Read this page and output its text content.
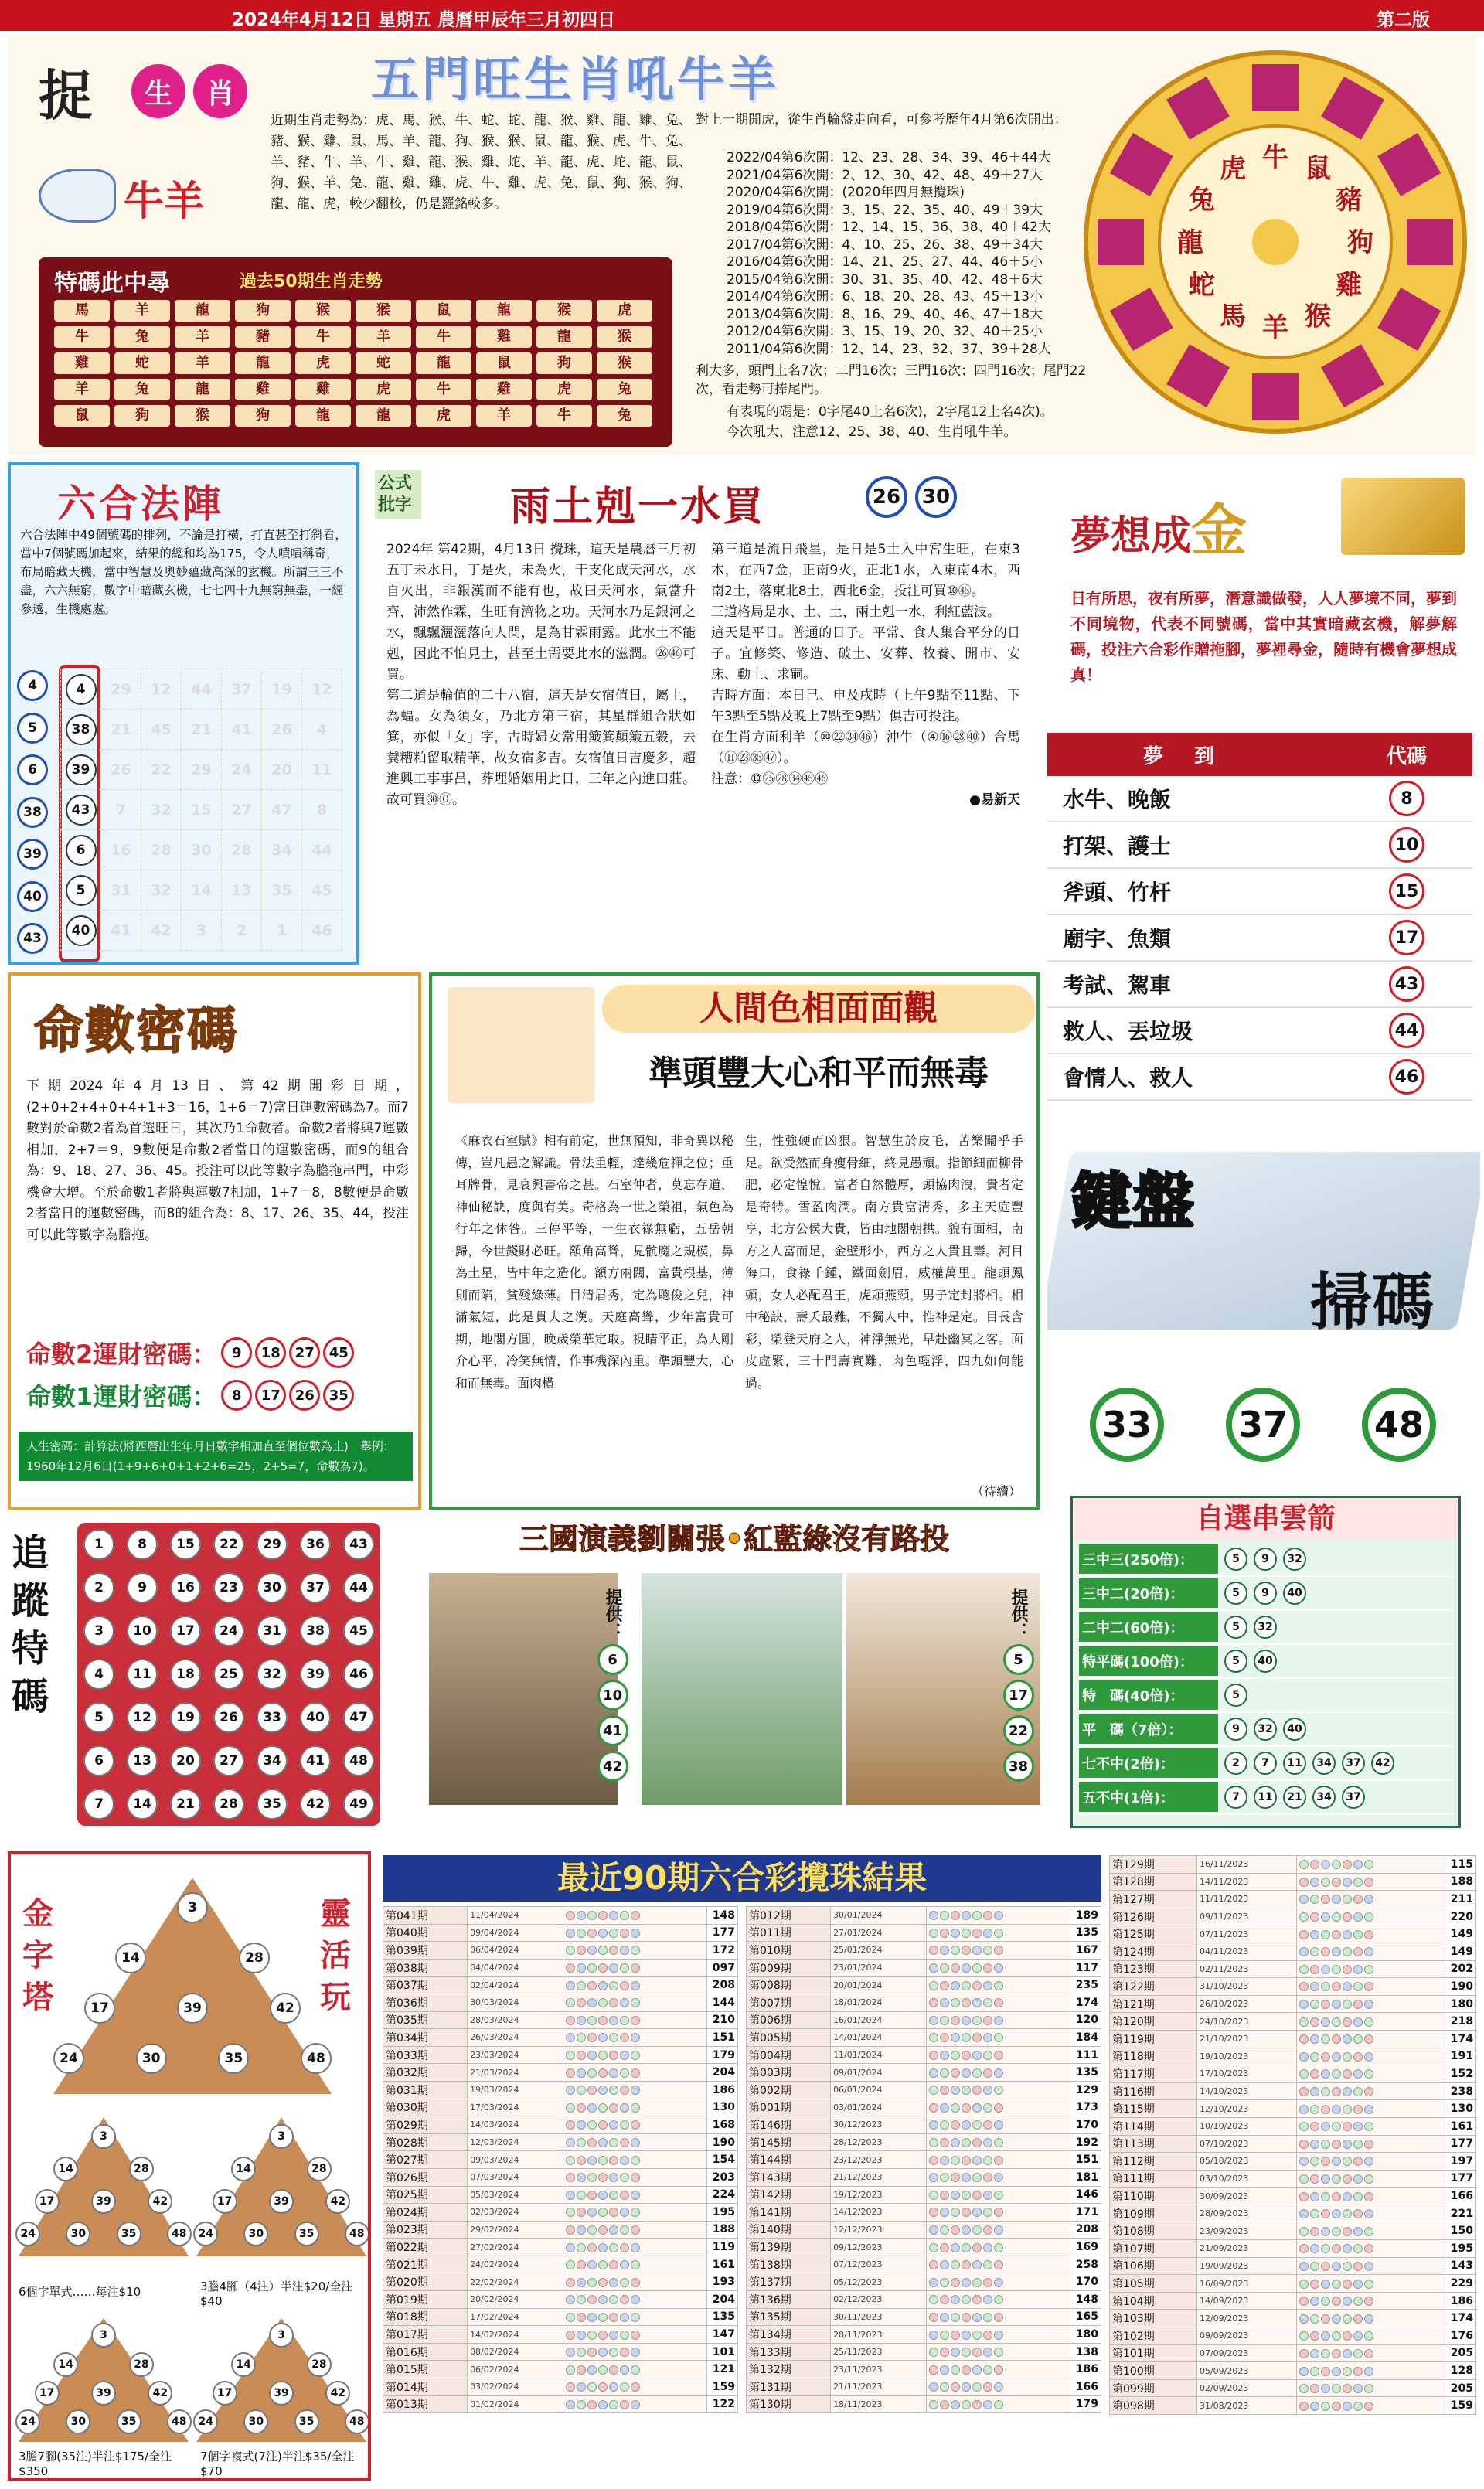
2024年4月12日 星期五 農曆甲辰年三月初四日	第二版
捉	生	肖
牛羊
五門旺生肖吼牛羊
近期生肖走勢為：虎、馬、猴、牛、蛇、蛇、龍、猴、雞、龍、雞、兔、豬、猴、雞、鼠、馬、羊、龍、狗、猴、猴、鼠、龍、猴、虎、牛、兔、羊、豬、牛、羊、牛、雞、龍、猴、雞、蛇、羊、龍、虎、蛇、龍、鼠、狗、猴、羊、兔、龍、雞、雞、虎、牛、雞、虎、兔、鼠、狗、猴、狗、龍、龍、虎，較少翻校，仍是羅銘較多。
特碼此中尋	過去50期生肖走勢
馬	羊	龍	狗	猴	猴	鼠	龍	猴	虎
牛	兔	羊	豬	牛	羊	牛	雞	龍	猴
雞	蛇	羊	龍	虎	蛇	龍	鼠	狗	猴
羊	兔	龍	雞	雞	虎	牛	雞	虎	兔
鼠	狗	猴	狗	龍	龍	虎	羊	牛	兔
對上一期開虎，從生肖輪盤走向看，可參考歷年4月第6次開出：
2022/04第6次開：12、23、28、34、39、46＋44大
2021/04第6次開：2、12、30、42、48、49＋27大
2020/04第6次開：(2020年四月無攪珠)
2019/04第6次開：3、15、22、35、40、49＋39大
2018/04第6次開：12、14、15、36、38、40＋42大
2017/04第6次開：4、10、25、26、38、49＋34大
2016/04第6次開：14、21、25、27、44、46＋5小
2015/04第6次開：30、31、35、40、42、48＋6大
2014/04第6次開：6、18、20、28、43、45＋13小
2013/04第6次開：8、16、29、40、46、47＋18大
2012/04第6次開：3、15、19、20、32、40＋25小
2011/04第6次開：12、14、23、32、37、39＋28大
利大多，頭門上名7次；二門16次；三門16次；四門16次；尾門22次，看走勢可捧尾門。
有表現的碼是：0字尾40上名6次)，2字尾12上名4次)。
今次吼大，注意12、25、38、40、生肖吼牛羊。
牛 鼠
豬
狗
雞
猴
羊
馬
蛇
龍
兔
虎
六合法陣
六合法陣中49個號碼的排列，不論是打橫，打直甚至打斜看，當中7個號碼加起來，結果的總和均為175，令人嘖嘖稱奇，布局暗藏天機，當中智慧及奧妙蘊藏高深的玄機。所謂三三不盡，六六無窮，數字中暗藏玄機，七七四十九無窮無盡，一經參透，生機處處。
4
5
6
38
39
40
43
4	29	12	44	37	19	12
38	21	45	21	41	26	4
39	26	22	29	24	20	11
43	7	32	15	27	47	8
6	16	28	30	28	34	44
5	31	32	14	13	35	45
40	41	42	3	2	1	46
公式批字 雨土剋一水買	26	30

2024年 第42期，4月13日 攪珠，這天是農曆三月初五丁未水日，丁是火，未為火，干支化成天河水，水自火出，非銀漢而不能有也，故曰天河水，氣當升齊，沛然作霖，生旺有濟物之功。天河水乃是銀河之水，飄飄灑灑落向人間，是為甘霖雨露。此水土不能剋，因此不怕見土，甚至土需要此水的滋潤。㉖㊻可買。

第二道是輪值的二十八宿，這天是女宿值日，屬土，為蝠。女為須女，乃北方第三宿，其星群組合狀如箕，亦似「女」字，古時婦女常用簸箕顛簸五穀，去糞糟粕留取精華，故女宿多吉。女宿值日吉慶多，超進興工事事昌，葬埋婚姻用此日，三年之內進田莊。故可買㉚⓪。

第三道是流日飛星，是日是5土入中宮生旺，在東3木，在西7金，正南9火，正北1水，入東南4木，西南2土，落東北8土，西北6金，投注可買⑩㊺。

三道格局是水、土、土，兩土剋一水，利紅藍波。

這天是平日。普通的日子。平常、食人集合平分的日子。宜修築、修造、破土、安葬、牧養、開市、安床、動土、求嗣。

吉時方面：本日巳、申及戌時（上午9點至11點、下午3點至5點及晚上7點至9點）俱吉可投注。

在生肖方面利羊（⑩㉒㉞㊻）沖牛（④⑯㉘㊵）合馬（⑪㉓㉟㊼）。

注意：⑩㉕㉘㉞㊺㊻

●易新天

夢想成金
日有所思，夜有所夢，潛意識做發，人人夢境不同，夢到不同境物，代表不同號碼，當中其實暗藏玄機，解夢解碼，投注六合彩作贈拖腳，夢裡尋金，隨時有機會夢想成真！
夢到	代碼
水牛、晚飯	8
打架、護士	10
斧頭、竹杆	15
廟宇、魚類	17
考試、駕車	43
救人、丟垃圾	44
會情人、救人	46
命數密碼
下期2024年4月13日、第42期開彩日期，(2+0+2+4+0+4+1+3＝16，1+6＝7)當日運數密碼為7。而7數對於命數2者為首選旺日，其次乃1命數者。命數2者將與7運數相加，2+7＝9，9數便是命數2者當日的運數密碼，而9的組合為：9、18、27、36、45。投注可以此等數字為膽拖串門，中彩機會大增。至於命數1者將與運數7相加，1+7＝8，8數便是命數2者當日的運數密碼，而8的組合為：8、17、26、35、44，投注可以此等數字為膽拖。
命數2運財密碼：	9	18	27	45
命數1運財密碼：	8	17	26	35
人生密碼：計算法(將西曆出生年月日數字相加直至個位數為止)　舉例：1960年12月6日(1+9+6+0+1+2+6=25，2+5=7，命數為7)。
人間色相面面觀
準頭豐大心和平而無毒
《麻衣石室賦》相有前定，世無預知，非奇異以秘傳，豈凡愚之解識。骨法重輕，達幾危禪之位；重耳牌骨，見衰興書帝之甚。石室仲者，莫忘存道，神仙秘訣，度與有美。奇格為一世之榮祖，氣色為行年之休咎。三停平等，一生衣祿無虧，五岳朝歸，今世錢財必旺。額角高聳，見骯魔之規模，鼻為土星，皆中年之造化。額方兩闊，富貴根基，薄則而陷，貧殘綠薄。目清眉秀，定為聰俊之兒，神滿氣短，此是貫夫之漢。天庭高聳，少年富貴可期，地閣方圓，晚歲榮華定取。視睛平正，為人剛介心平，冷笑無情，作事機深內重。準頭豐大，心和而無毒。面肉橫
生，性強硬而凶狠。智慧生於皮毛，苦樂關乎手足。欲受然而身瘦骨細，終見愚頑。指節細而柳骨肥，必定惶悅。富者自然體厚，頭協肉洩，貴者定是奇特。雪盈肉潤。南方貴富清秀，多主天庭豐享，北方公侯大貴，皆由地閣朝拱。貌有面相，南方之人富而足，金壁形小，西方之人貴且壽。河目海口，食祿千鍾，鐵面劍眉，威權萬里。龍頭鳳頭，女人必配君王，虎頭燕頸，男子定封將相。相中秘訣，壽夭最難，不獨人中，惟神是定。目長含彩，榮登天府之人，神淨無光，早赴幽冥之客。面皮虛緊，三十門壽實難，肉色輕浮，四九如何能過。
（待續）
鍵盤
掃碼
33	37	48
自選串雲箭
三中三(250倍)：	5	9	32
三中二(20倍)：	5	9	40
二中二(60倍)：	5	32
特平碼(100倍)：	5	40
特　碼(40倍)：	5
平　碼（7倍）：	9	32	40
七不中(2倍)：	2	7	11	34	37	42
五不中(1倍)：	7	11	21	34	37
追蹤特碼
1	8	15	22	29	36	43
2	9	16	23	30	37	44
3	10	17	24	31	38	45
4	11	18	25	32	39	46
5	12	19	26	33	40	47
6	13	20	27	34	41	48
7	14	21	28	35	42	49
三國演義劉關張•紅藍綠沒有路投
提供：
6
10
41
42
提供：
5
17
22
38
金字塔
靈活玩
3
14	28
17	39	42
24	30	35	48
3
14	28
17	39	42
24	30	35	48
3
14	28
17	39	42
24	30	35	48
6個字單式……每注$10	3膽4腳（4注）半注$20/全注$40
3
14	28
17	39	42
24	30	35	48
3
14	28
17	39	42
24	30	35	48
3膽7腳(35注)半注$175/全注$350
7個字複式(7注)半注$35/全注$70
最近90期六合彩攪珠結果
第041期	11/04/2024		148
第040期	09/04/2024		177
第039期	06/04/2024		172
第038期	04/04/2024		097
第037期	02/04/2024		208
第036期	30/03/2024		144
第035期	28/03/2024		210
第034期	26/03/2024		151
第033期	23/03/2024		179
第032期	21/03/2024		204
第031期	19/03/2024		186
第030期	17/03/2024		130
第029期	14/03/2024		168
第028期	12/03/2024		190
第027期	09/03/2024		154
第026期	07/03/2024		203
第025期	05/03/2024		224
第024期	02/03/2024		195
第023期	29/02/2024		188
第022期	27/02/2024		119
第021期	24/02/2024		161
第020期	22/02/2024		193
第019期	20/02/2024		204
第018期	17/02/2024		135
第017期	14/02/2024		147
第016期	08/02/2024		101
第015期	06/02/2024		121
第014期	03/02/2024		159
第013期	01/02/2024		122
第012期	30/01/2024		189
第011期	27/01/2024		135
第010期	25/01/2024		167
第009期	23/01/2024		117
第008期	20/01/2024		235
第007期	18/01/2024		174
第006期	16/01/2024		120
第005期	14/01/2024		184
第004期	11/01/2024		111
第003期	09/01/2024		135
第002期	06/01/2024		129
第001期	03/01/2024		173
第146期	30/12/2023		170
第145期	28/12/2023		192
第144期	23/12/2023		151
第143期	21/12/2023		181
第142期	19/12/2023		146
第141期	14/12/2023		171
第140期	12/12/2023		208
第139期	09/12/2023		169
第138期	07/12/2023		258
第137期	05/12/2023		170
第136期	02/12/2023		148
第135期	30/11/2023		165
第134期	28/11/2023		180
第133期	25/11/2023		138
第132期	23/11/2023		186
第131期	21/11/2023		166
第130期	18/11/2023		179
第129期	16/11/2023		115
第128期	14/11/2023		188
第127期	11/11/2023		211
第126期	09/11/2023		220
第125期	07/11/2023		149
第124期	04/11/2023		149
第123期	02/11/2023		202
第122期	31/10/2023		190
第121期	26/10/2023		180
第120期	24/10/2023		218
第119期	21/10/2023		174
第118期	19/10/2023		191
第117期	17/10/2023		152
第116期	14/10/2023		238
第115期	12/10/2023		130
第114期	10/10/2023		161
第113期	07/10/2023		177
第112期	05/10/2023		197
第111期	03/10/2023		177
第110期	30/09/2023		166
第109期	28/09/2023		221
第108期	23/09/2023		150
第107期	21/09/2023		195
第106期	19/09/2023		143
第105期	16/09/2023		229
第104期	14/09/2023		186
第103期	12/09/2023		174
第102期	09/09/2023		176
第101期	07/09/2023		205
第100期	05/09/2023		128
第099期	02/09/2023		205
第098期	31/08/2023		159
